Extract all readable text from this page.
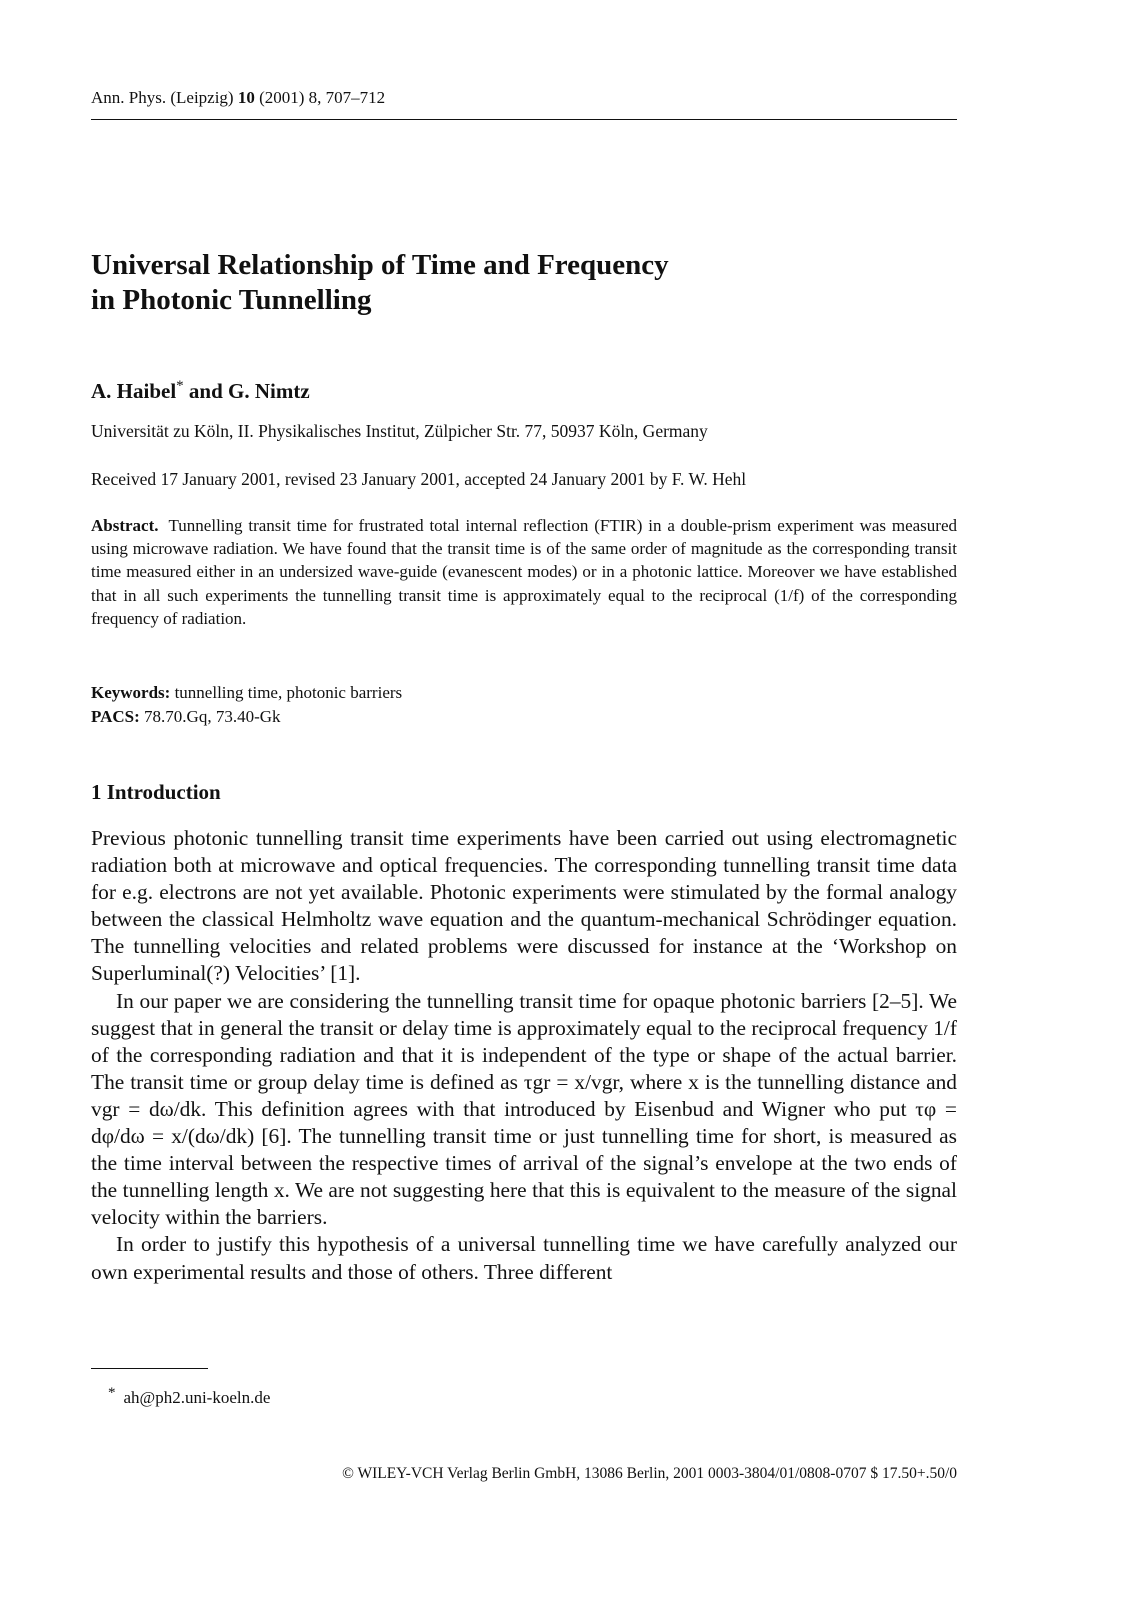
Ann. Phys. (Leipzig) 10 (2001) 8, 707–712
Universal Relationship of Time and Frequency
in Photonic Tunnelling
A. Haibel* and G. Nimtz
Universität zu Köln, II. Physikalisches Institut, Zülpicher Str. 77, 50937 Köln, Germany
Received 17 January 2001, revised 23 January 2001, accepted 24 January 2001 by F. W. Hehl
Abstract. Tunnelling transit time for frustrated total internal reflection (FTIR) in a double-prism experiment was measured using microwave radiation. We have found that the transit time is of the same order of magnitude as the corresponding transit time measured either in an undersized wave-guide (evanescent modes) or in a photonic lattice. Moreover we have established that in all such experiments the tunnelling transit time is approximately equal to the reciprocal (1/f) of the corresponding frequency of radiation.
Keywords: tunnelling time, photonic barriers
PACS: 78.70.Gq, 73.40-Gk
1 Introduction

Previous photonic tunnelling transit time experiments have been carried out using electromagnetic radiation both at microwave and optical frequencies. The corresponding tunnelling transit time data for e.g. electrons are not yet available. Photonic experiments were stimulated by the formal analogy between the classical Helmholtz wave equation and the quantum-mechanical Schrödinger equation. The tunnelling velocities and related problems were discussed for instance at the ‘Workshop on Superluminal(?) Velocities’ [1].

In our paper we are considering the tunnelling transit time for opaque photonic barriers [2–5]. We suggest that in general the transit or delay time is approximately equal to the reciprocal frequency 1/f of the corresponding radiation and that it is independent of the type or shape of the actual barrier. The transit time or group delay time is defined as τgr = x/vgr, where x is the tunnelling distance and vgr = dω/dk. This definition agrees with that introduced by Eisenbud and Wigner who put τφ = dφ/dω = x/(dω/dk) [6]. The tunnelling transit time or just tunnelling time for short, is measured as the time interval between the respective times of arrival of the signal’s envelope at the two ends of the tunnelling length x. We are not suggesting here that this is equivalent to the measure of the signal velocity within the barriers.

In order to justify this hypothesis of a universal tunnelling time we have carefully analyzed our own experimental results and those of others. Three different

* ah@ph2.uni-koeln.de
© WILEY-VCH Verlag Berlin GmbH, 13086 Berlin, 2001 0003-3804/01/0808-0707 $ 17.50+.50/0
